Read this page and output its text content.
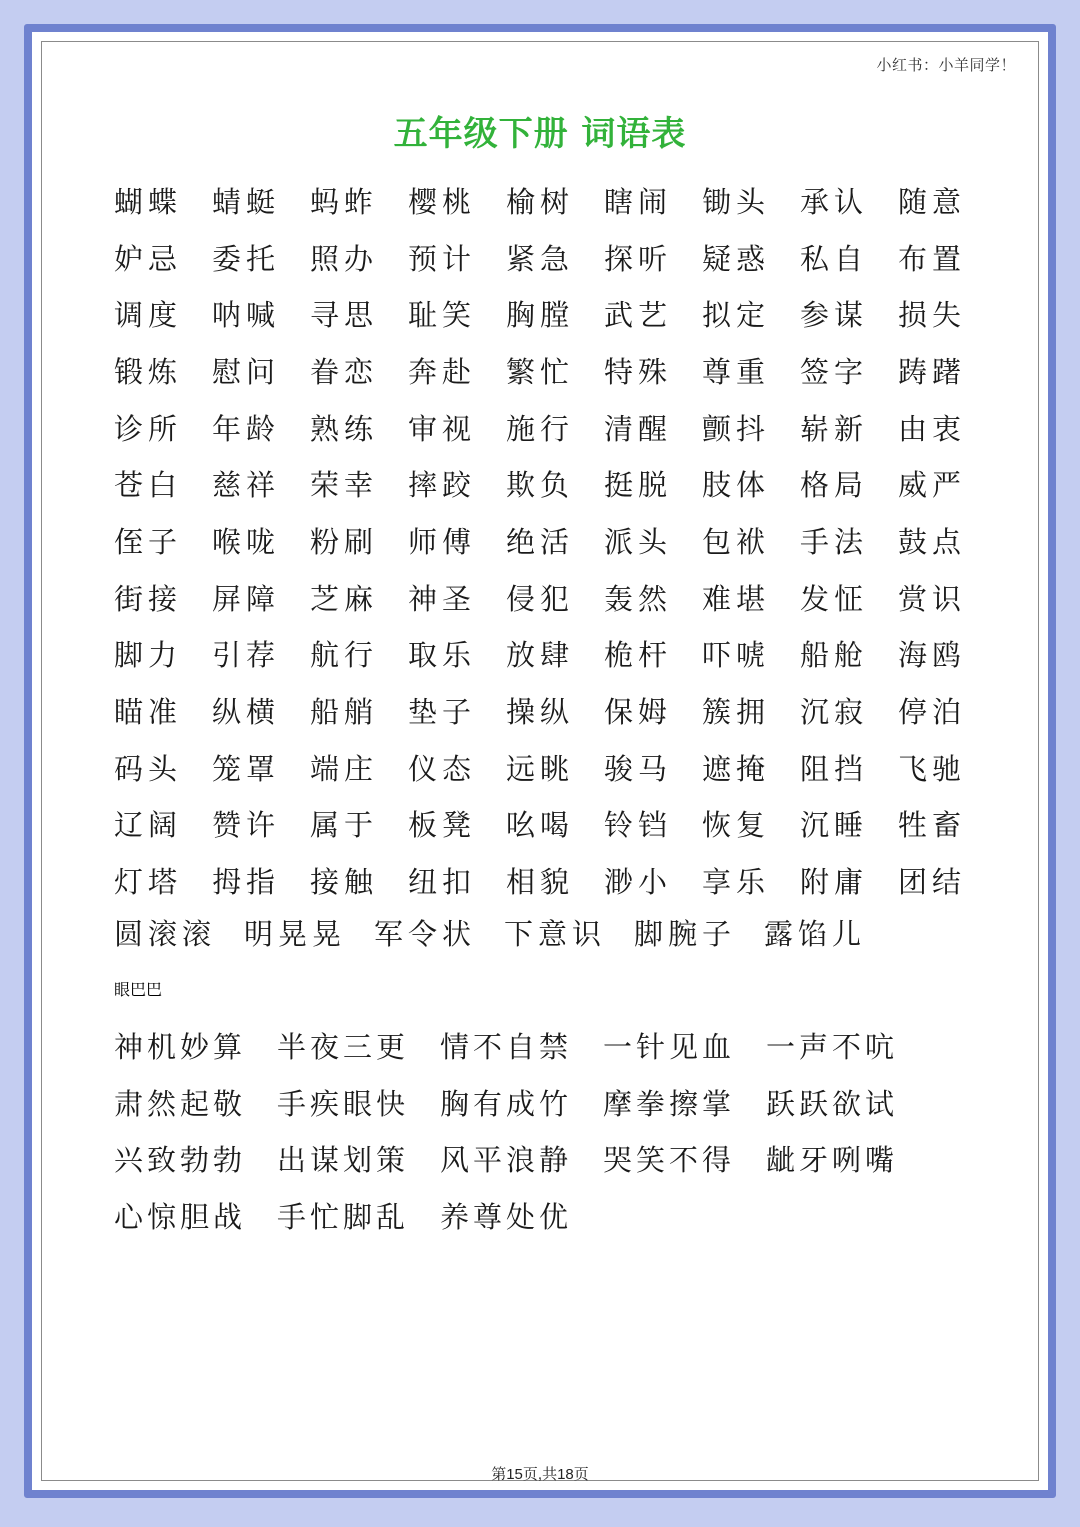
小红书：小羊同学！
五年级下册 词语表
蝴蝶	蜻蜓	蚂蚱	樱桃	榆树	瞎闹	锄头	承认	随意
妒忌	委托	照办	预计	紧急	探听	疑惑	私自	布置
调度	呐喊	寻思	耻笑	胸膛	武艺	拟定	参谋	损失
锻炼	慰问	眷恋	奔赴	繁忙	特殊	尊重	签字	踌躇
诊所	年龄	熟练	审视	施行	清醒	颤抖	崭新	由衷
苍白	慈祥	荣幸	摔跤	欺负	挺脱	肢体	格局	威严
侄子	喉咙	粉刷	师傅	绝活	派头	包袱	手法	鼓点
街接	屏障	芝麻	神圣	侵犯	轰然	难堪	发怔	赏识
脚力	引荐	航行	取乐	放肆	桅杆	吓唬	船舱	海鸥
瞄准	纵横	船艄	垫子	操纵	保姆	簇拥	沉寂	停泊
码头	笼罩	端庄	仪态	远眺	骏马	遮掩	阻挡	飞驰
辽阔	赞许	属于	板凳	吆喝	铃铛	恢复	沉睡	牲畜
灯塔	拇指	接触	纽扣	相貌	渺小	享乐	附庸	团结
圆滚滚 明晃晃 军令状 下意识 脚腕子 露馅儿
眼巴巴
神机妙算	半夜三更	情不自禁	一针见血	一声不吭
肃然起敬	手疾眼快	胸有成竹	摩拳擦掌	跃跃欲试
兴致勃勃	出谋划策	风平浪静	哭笑不得	龇牙咧嘴
心惊胆战	手忙脚乱	养尊处优
第15页,共18页
